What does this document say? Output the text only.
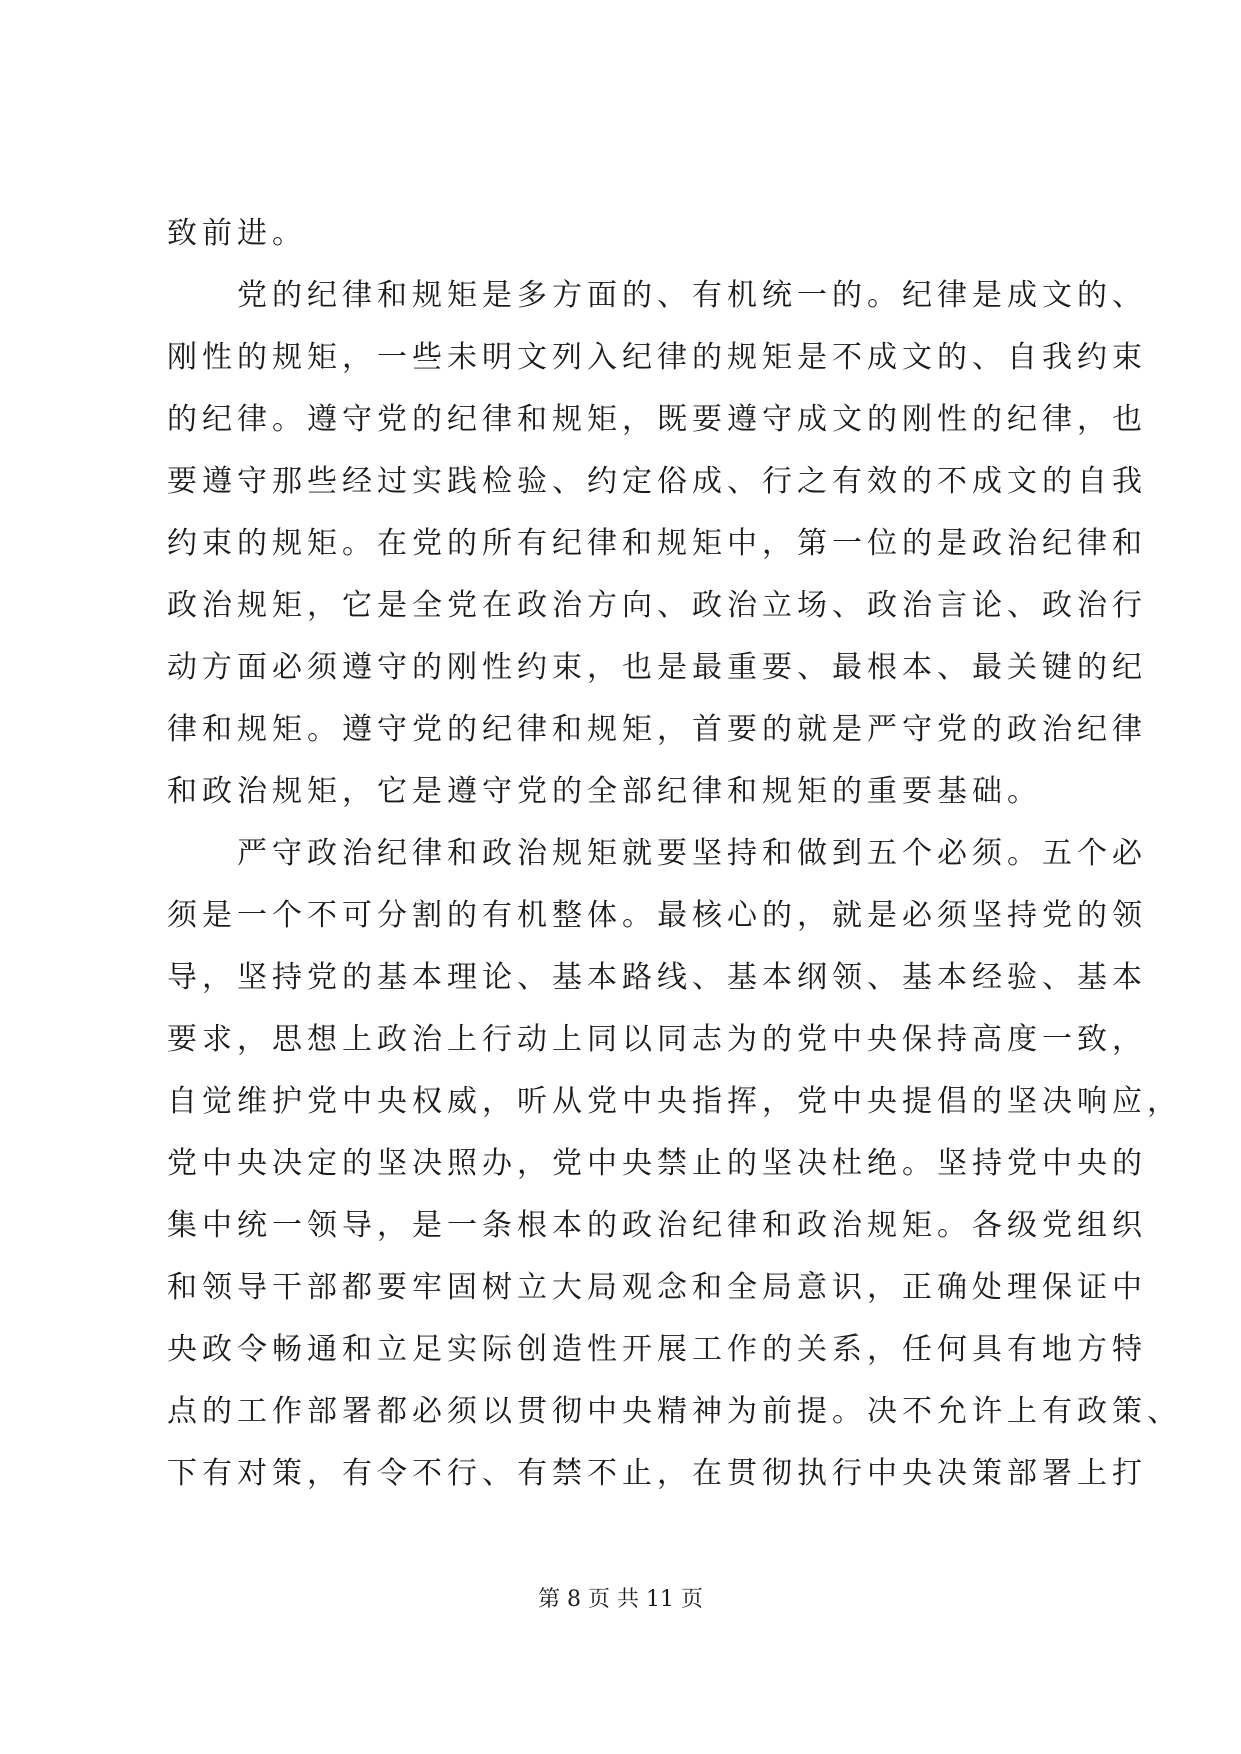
致前进。
　　党的纪律和规矩是多方面的、有机统一的。纪律是成文的、
刚性的规矩，一些未明文列入纪律的规矩是不成文的、自我约束
的纪律。遵守党的纪律和规矩，既要遵守成文的刚性的纪律，也
要遵守那些经过实践检验、约定俗成、行之有效的不成文的自我
约束的规矩。在党的所有纪律和规矩中，第一位的是政治纪律和
政治规矩，它是全党在政治方向、政治立场、政治言论、政治行
动方面必须遵守的刚性约束，也是最重要、最根本、最关键的纪
律和规矩。遵守党的纪律和规矩，首要的就是严守党的政治纪律
和政治规矩，它是遵守党的全部纪律和规矩的重要基础。
　　严守政治纪律和政治规矩就要坚持和做到五个必须。五个必
须是一个不可分割的有机整体。最核心的，就是必须坚持党的领
导，坚持党的基本理论、基本路线、基本纲领、基本经验、基本
要求，思想上政治上行动上同以同志为的党中央保持高度一致，
自觉维护党中央权威，听从党中央指挥，党中央提倡的坚决响应，
党中央决定的坚决照办，党中央禁止的坚决杜绝。坚持党中央的
集中统一领导，是一条根本的政治纪律和政治规矩。各级党组织
和领导干部都要牢固树立大局观念和全局意识，正确处理保证中
央政令畅通和立足实际创造性开展工作的关系，任何具有地方特
点的工作部署都必须以贯彻中央精神为前提。决不允许上有政策、
下有对策，有令不行、有禁不止，在贯彻执行中央决策部署上打
第 8 页 共 11 页
